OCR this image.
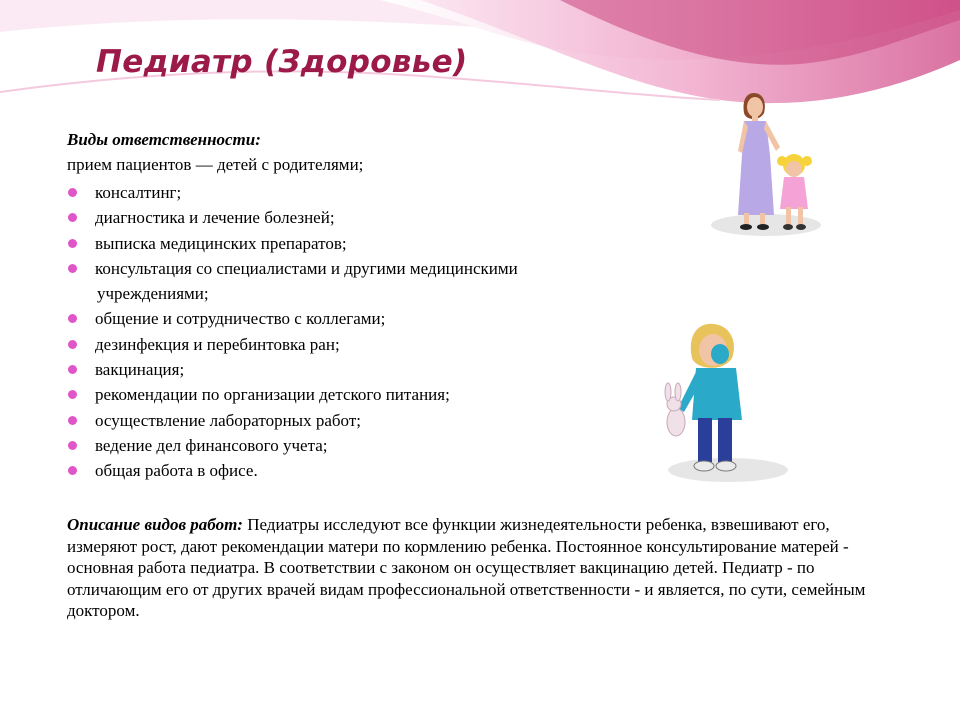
Педиатр (Здоровье)
Виды ответственности:
прием пациентов — детей с родителями;
консалтинг;
диагностика и лечение болезней;
выписка медицинских препаратов;
консультация со специалистами и другими медицинскими
учреждениями;
общение и сотрудничество с коллегами;
дезинфекция и перебинтовка ран;
вакцинация;
рекомендации по организации детского питания;
осуществление лабораторных работ;
ведение дел финансового учета;
общая работа в офисе.
Описание видов работ: Педиатры исследуют все функции жизнедеятельности ребенка, взвешивают его, измеряют рост, дают рекомендации матери по кормлению ребенка. Постоянное консультирование матерей - основная работа педиатра. В соответствии с законом он осуществляет вакцинацию детей. Педиатр - по отличающим его от других врачей видам профессиональной ответственности - и является, по сути, семейным доктором.
